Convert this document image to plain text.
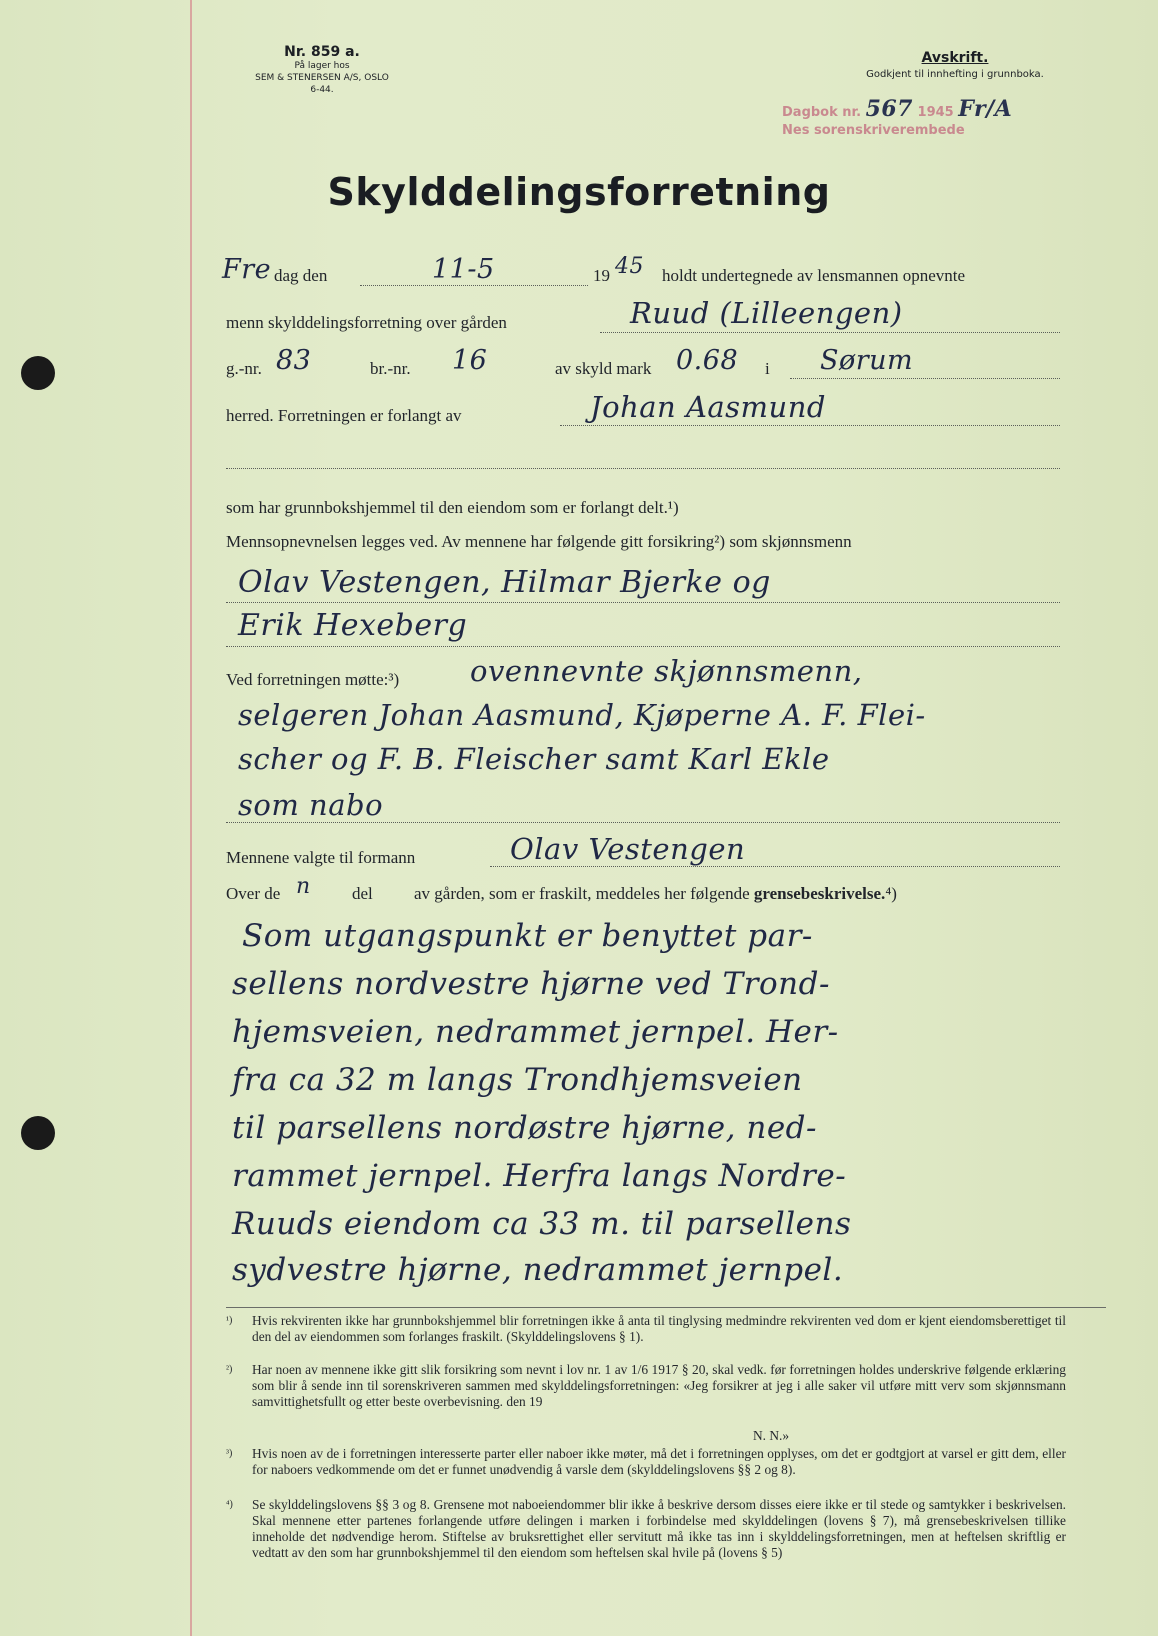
Nr. 859 a.
På lager hos
SEM & STENERSEN A/S, OSLO
6-44.
Avskrift.
Godkjent til innhefting i grunnboka.
Dagbok nr. 567 1945 Fr/A
Nes sorenskriverembede
Skylddelingsforretning
Fre dag den	11-5	19 45 holdt undertegnede av lensmannen opnevnte
menn skylddelingsforretning over gården	Ruud (Lilleengen)
g.-nr. 83	br.-nr. 16	av skyld mark 0.68 i Sørum
herred. Forretningen er forlangt av	Johan Aasmund
som har grunnbokshjemmel til den eiendom som er forlangt delt.¹)
Mennsopnevnelsen legges ved. Av mennene har følgende gitt forsikring²) som skjønnsmenn
Olav Vestengen, Hilmar Bjerke og
Erik Hexeberg
Ved forretningen møtte:³) ovennevnte skjønnsmenn,
selgeren Johan Aasmund, Kjøperne A. F. Flei-
scher og F. B. Fleischer samt Karl Ekle
som nabo
Mennene valgte til formann	Olav Vestengen
Over de n del av gården, som er fraskilt, meddeles her følgende grensebeskrivelse.⁴)
Som utgangspunkt er benyttet par-
sellens nordvestre hjørne ved Trond-
hjemsveien, nedrammet jernpel. Her-
fra ca 32 m langs Trondhjemsveien
til parsellens nordøstre hjørne, ned-
rammet jernpel. Herfra langs Nordre-
Ruuds eiendom ca 33 m. til parsellens
sydvestre hjørne, nedrammet jernpel.
¹) Hvis rekvirenten ikke har grunnbokshjemmel blir forretningen ikke å anta til tinglysing medmindre rekvirenten ved dom er kjent eiendomsberettiget til den del av eiendommen som forlanges fraskilt. (Skylddelingslovens § 1).
²) Har noen av mennene ikke gitt slik forsikring som nevnt i lov nr. 1 av 1/6 1917 § 20, skal vedk. før forretningen holdes underskrive følgende erklæring som blir å sende inn til sorenskriveren sammen med skylddelingsforretningen: «Jeg forsikrer at jeg i alle saker vil utføre mitt verv som skjønnsmann samvittighetsfullt og etter beste overbevisning. den 19
N. N.»
³) Hvis noen av de i forretningen interesserte parter eller naboer ikke møter, må det i forretningen opplyses, om det er godtgjort at varsel er gitt dem, eller for naboers vedkommende om det er funnet unødvendig å varsle dem (skylddelingslovens §§ 2 og 8).
⁴) Se skylddelingslovens §§ 3 og 8. Grensene mot naboeiendommer blir ikke å beskrive dersom disses eiere ikke er til stede og samtykker i beskrivelsen. Skal mennene etter partenes forlangende utføre delingen i marken i forbindelse med skylddelingen (lovens § 7), må grensebeskrivelsen tillike inneholde det nødvendige herom. Stiftelse av bruksrettighet eller servitutt må ikke tas inn i skylddelingsforretningen, men at heftelsen skriftlig er vedtatt av den som har grunnbokshjemmel til den eiendom som heftelsen skal hvile på (lovens § 5)
